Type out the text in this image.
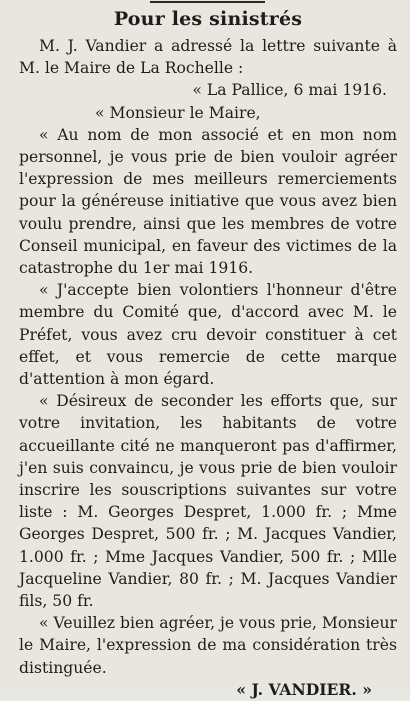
Pour les sinistrés

M. J. Vandier a adressé la lettre suivante à M. le Maire de La Rochelle :

« La Pallice, 6 mai 1916.

« Monsieur le Maire,

« Au nom de mon associé et en mon nom personnel, je vous prie de bien vouloir agréer l'expression de mes meilleurs remerciements pour la généreuse initiative que vous avez bien voulu prendre, ainsi que les membres de votre Conseil municipal, en faveur des victimes de la catastrophe du 1er mai 1916.

« J'accepte bien volontiers l'honneur d'être membre du Comité que, d'accord avec M. le Préfet, vous avez cru devoir constituer à cet effet, et vous remercie de cette marque d'attention à mon égard.

« Désireux de seconder les efforts que, sur votre invitation, les habitants de votre accueillante cité ne manqueront pas d'affirmer, j'en suis convaincu, je vous prie de bien vouloir inscrire les souscriptions suivantes sur votre liste : M. Georges Despret, 1.000 fr. ; Mme Georges Despret, 500 fr. ; M. Jacques Vandier, 1.000 fr. ; Mme Jacques Vandier, 500 fr. ; Mlle Jacqueline Vandier, 80 fr. ; M. Jacques Vandier fils, 50 fr.

« Veuillez bien agréer, je vous prie, Monsieur le Maire, l'expression de ma considération très distinguée.

« J. VANDIER. »
